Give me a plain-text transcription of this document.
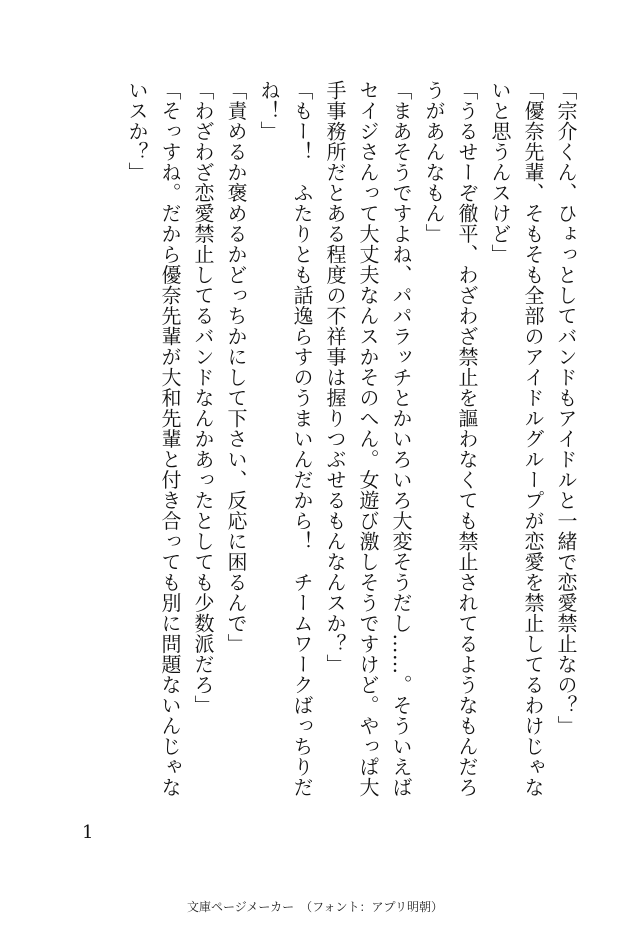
「宗介くん、ひょっとしてバンドもアイドルと一緒で恋愛禁止なの？」

「優奈先輩、そもそも全部のアイドルグループが恋愛を禁止してるわけじゃないと思うんスけど」

「うるせーぞ徹平、わざわざ禁止を謳わなくても禁止されてるようなもんだろうがあんなもん」

「まあそうですよね、パパラッチとかいろいろ大変そうだし……。そういえばセイジさんって大丈夫なんスかそのへん。女遊び激しそうですけど。やっぱ大手事務所だとある程度の不祥事は握りつぶせるもんなんスか？」

「もー！　ふたりとも話逸らすのうまいんだから！　チームワークばっちりだね！」

「責めるか褒めるかどっちかにして下さい、反応に困るんで」

「わざわざ恋愛禁止してるバンドなんかあったとしても少数派だろ」

「そっすね。だから優奈先輩が大和先輩と付き合っても別に問題ないんじゃないスか？」

1
文庫ページメーカー　（フォント：アプリ明朝）
